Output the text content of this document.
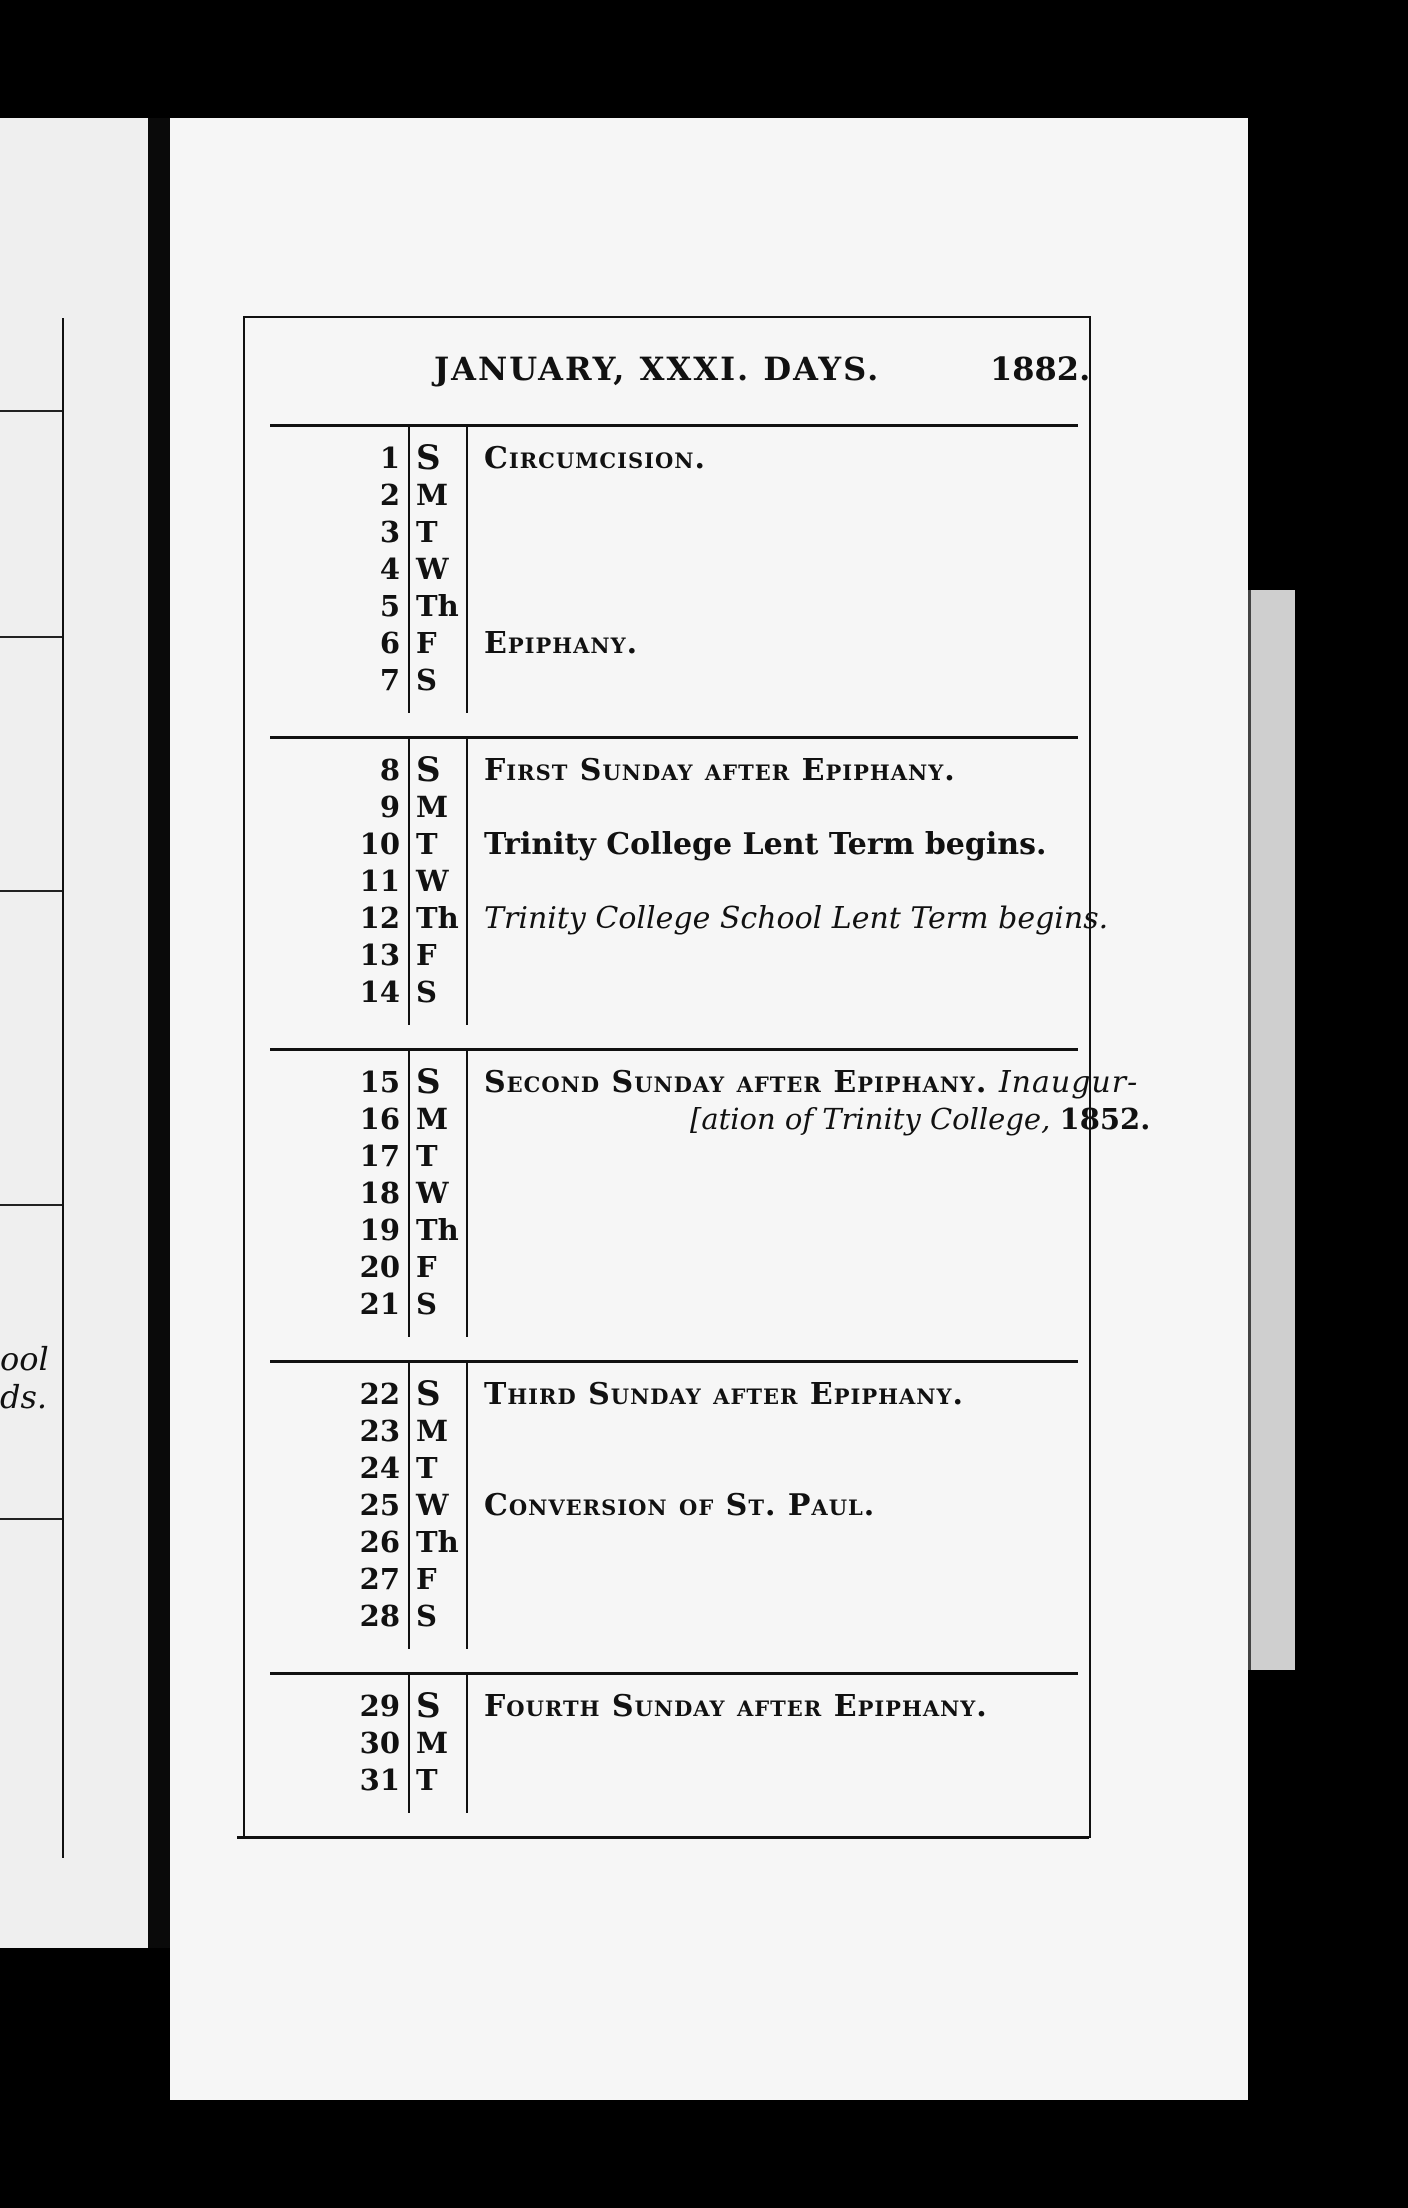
ool
ds.
JANUARY, XXXI. DAYS.	1882.
1 S	Circumcision.
2 M
3 T
4 W
5 Th
6 F	Epiphany.
7 S
8 S	First Sunday after Epiphany.
9 M
10 T	Trinity College Lent Term begins.
11 W
12 Th Trinity College School Lent Term begins.
13 F
14 S
15 S	Second Sunday after Epiphany. Inaugur-
16 M	[ation of Trinity College, 1852.
17 T
18 W
19 Th
20 F
21 S
22 S	Third Sunday after Epiphany.
23 M
24 T
25 W	Conversion of St. Paul.
26 Th
27 F
28 S
29 S	Fourth Sunday after Epiphany.
30 M
31 T
